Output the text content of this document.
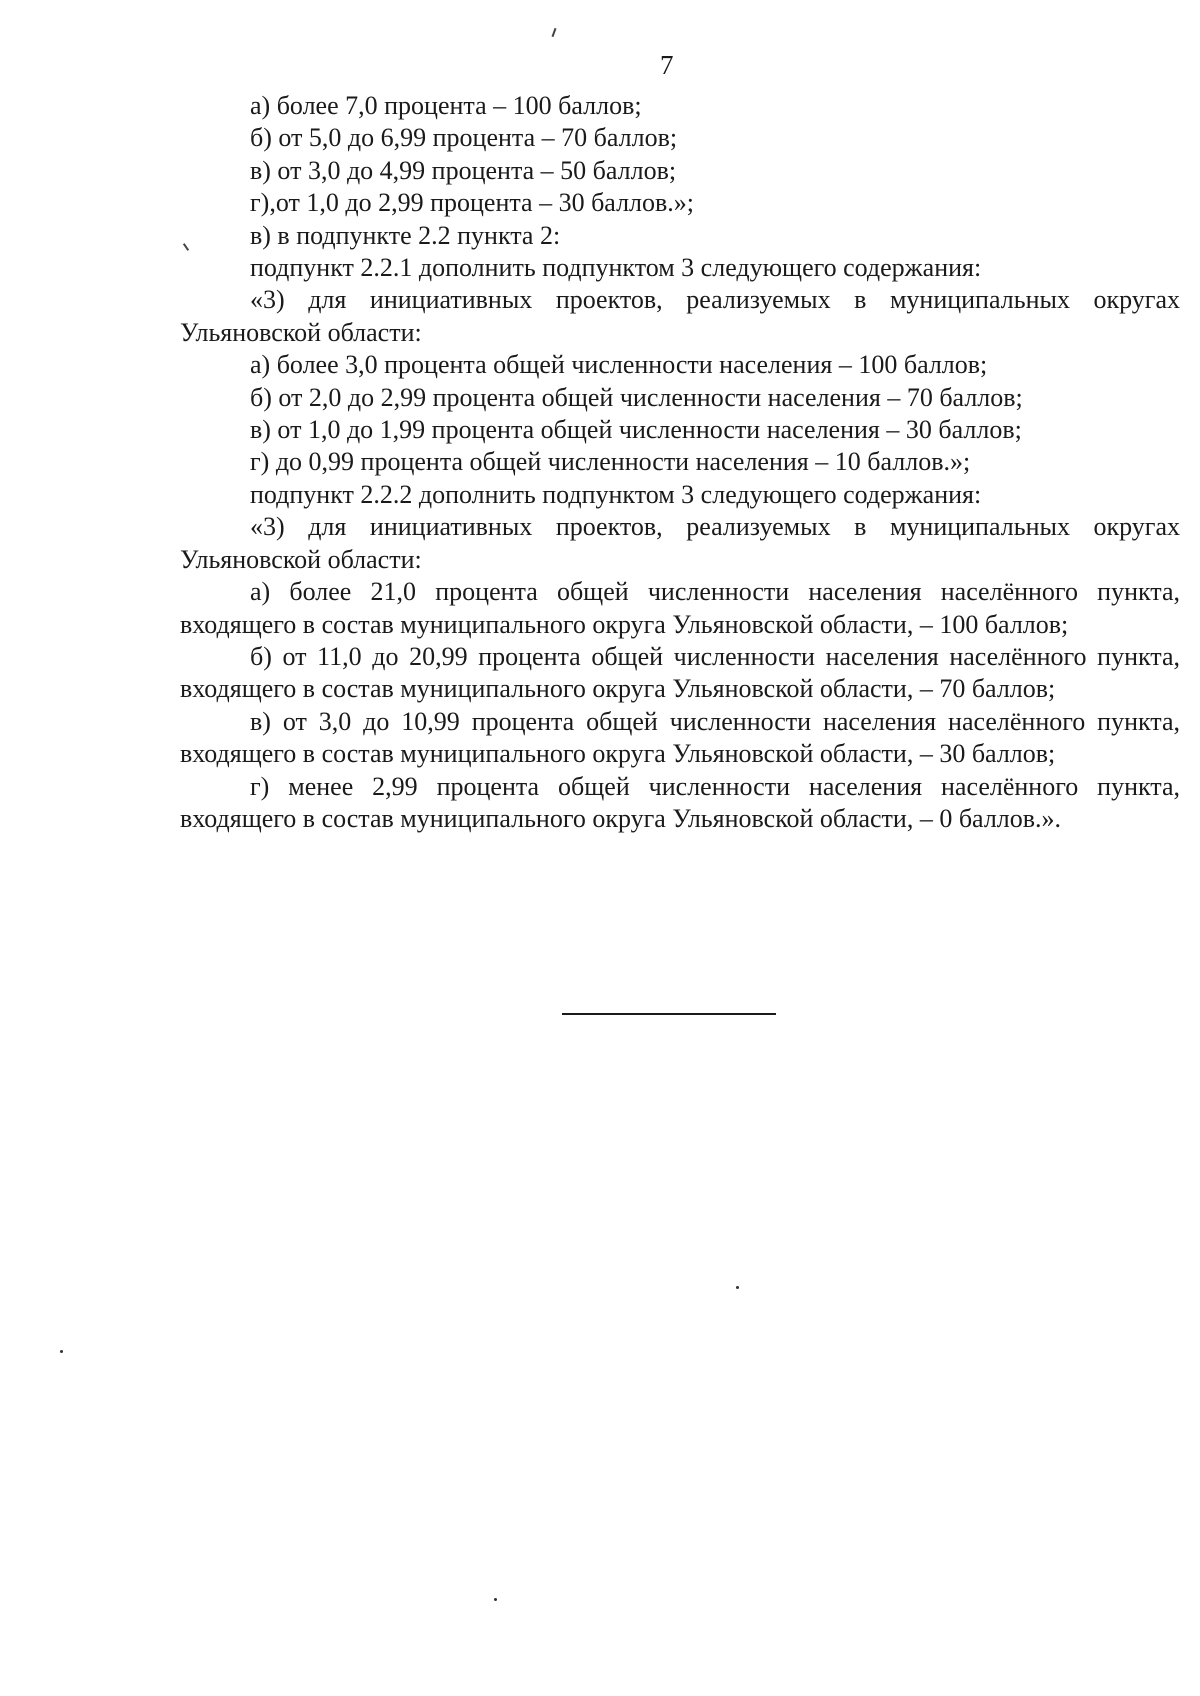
7

а) более 7,0 процента – 100 баллов;

б) от 5,0 до 6,99 процента – 70 баллов;

в) от 3,0 до 4,99 процента – 50 баллов;

г),от 1,0 до 2,99 процента – 30 баллов.»;

в) в подпункте 2.2 пункта 2:

подпункт 2.2.1 дополнить подпунктом 3 следующего содержания:

«3) для инициативных проектов, реализуемых в муниципальных округах Ульяновской области:

а) более 3,0 процента общей численности населения – 100 баллов;

б) от 2,0 до 2,99 процента общей численности населения – 70 баллов;

в) от 1,0 до 1,99 процента общей численности населения – 30 баллов;

г) до 0,99 процента общей численности населения – 10 баллов.»;

подпункт 2.2.2 дополнить подпунктом 3 следующего содержания:

«3) для инициативных проектов, реализуемых в муниципальных округах Ульяновской области:

а) более 21,0 процента общей численности населения населённого пункта, входящего в состав муниципального округа Ульяновской области, – 100 баллов;

б) от 11,0 до 20,99 процента общей численности населения населённого пункта, входящего в состав муниципального округа Ульяновской области, – 70 баллов;

в) от 3,0 до 10,99 процента общей численности населения населённого пункта, входящего в состав муниципального округа Ульяновской области, – 30 баллов;

г) менее 2,99 процента общей численности населения населённого пункта, входящего в состав муниципального округа Ульяновской области, – 0 баллов.».
